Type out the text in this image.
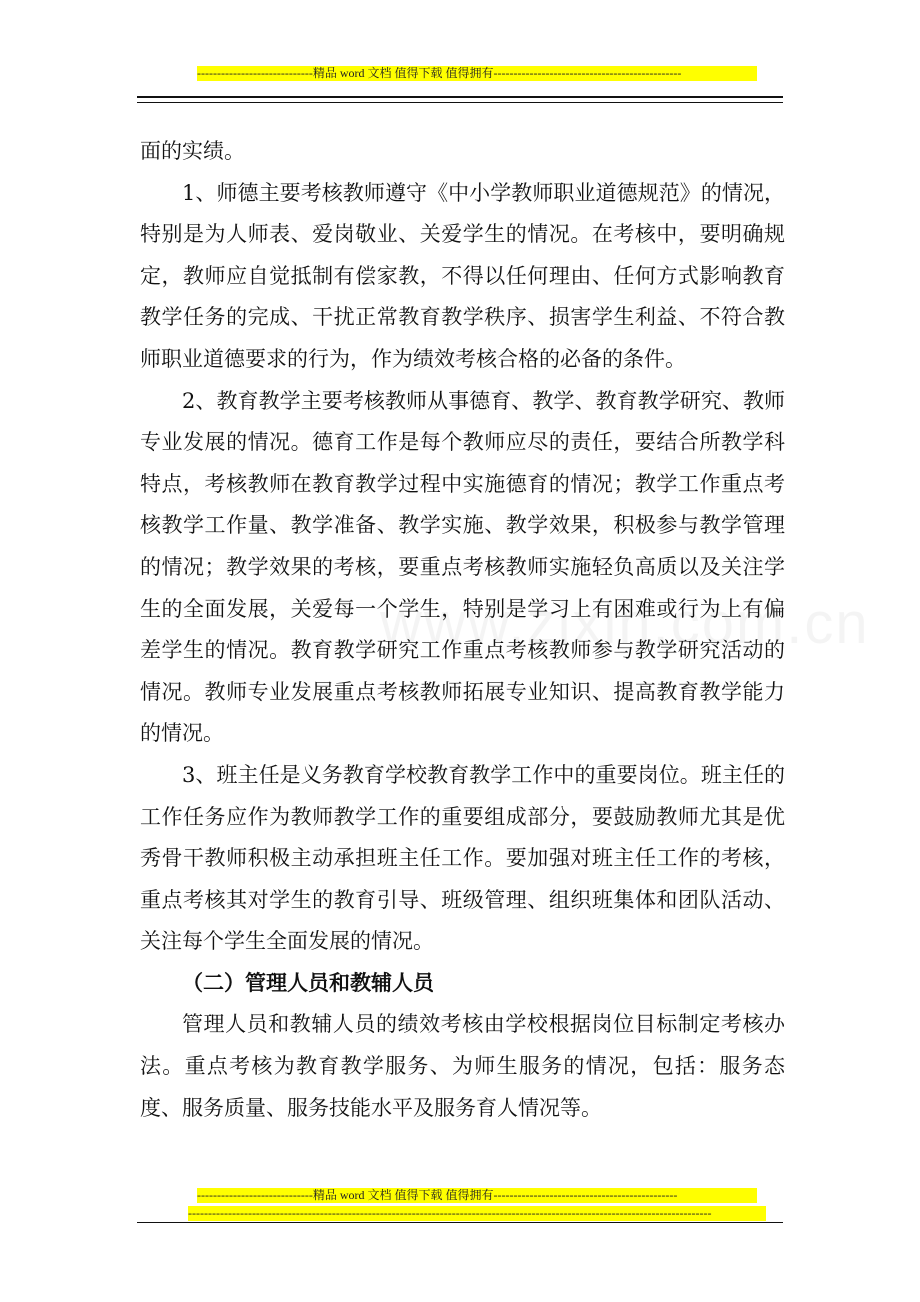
-----------------------------精品 word 文档 值得下载 值得拥有-----------------------------------------------

面的实绩。

1、师德主要考核教师遵守《中小学教师职业道德规范》的情况，特别是为人师表、爱岗敬业、关爱学生的情况。在考核中，要明确规定，教师应自觉抵制有偿家教，不得以任何理由、任何方式影响教育教学任务的完成、干扰正常教育教学秩序、损害学生利益、不符合教师职业道德要求的行为，作为绩效考核合格的必备的条件。

2、教育教学主要考核教师从事德育、教学、教育教学研究、教师专业发展的情况。德育工作是每个教师应尽的责任，要结合所教学科特点，考核教师在教育教学过程中实施德育的情况；教学工作重点考核教学工作量、教学准备、教学实施、教学效果，积极参与教学管理的情况；教学效果的考核，要重点考核教师实施轻负高质以及关注学生的全面发展，关爱每一个学生，特别是学习上有困难或行为上有偏差学生的情况。教育教学研究工作重点考核教师参与教学研究活动的情况。教师专业发展重点考核教师拓展专业知识、提高教育教学能力的情况。

3、班主任是义务教育学校教育教学工作中的重要岗位。班主任的工作任务应作为教师教学工作的重要组成部分，要鼓励教师尤其是优秀骨干教师积极主动承担班主任工作。要加强对班主任工作的考核，重点考核其对学生的教育引导、班级管理、组织班集体和团队活动、关注每个学生全面发展的情况。

（二）管理人员和教辅人员

管理人员和教辅人员的绩效考核由学校根据岗位目标制定考核办法。重点考核为教育教学服务、为师生服务的情况，包括：服务态度、服务质量、服务技能水平及服务育人情况等。

-----------------------------精品 word 文档 值得下载 值得拥有----------------------------------------------
-----------------------------------------------------------------------------------------------------------------------------------
